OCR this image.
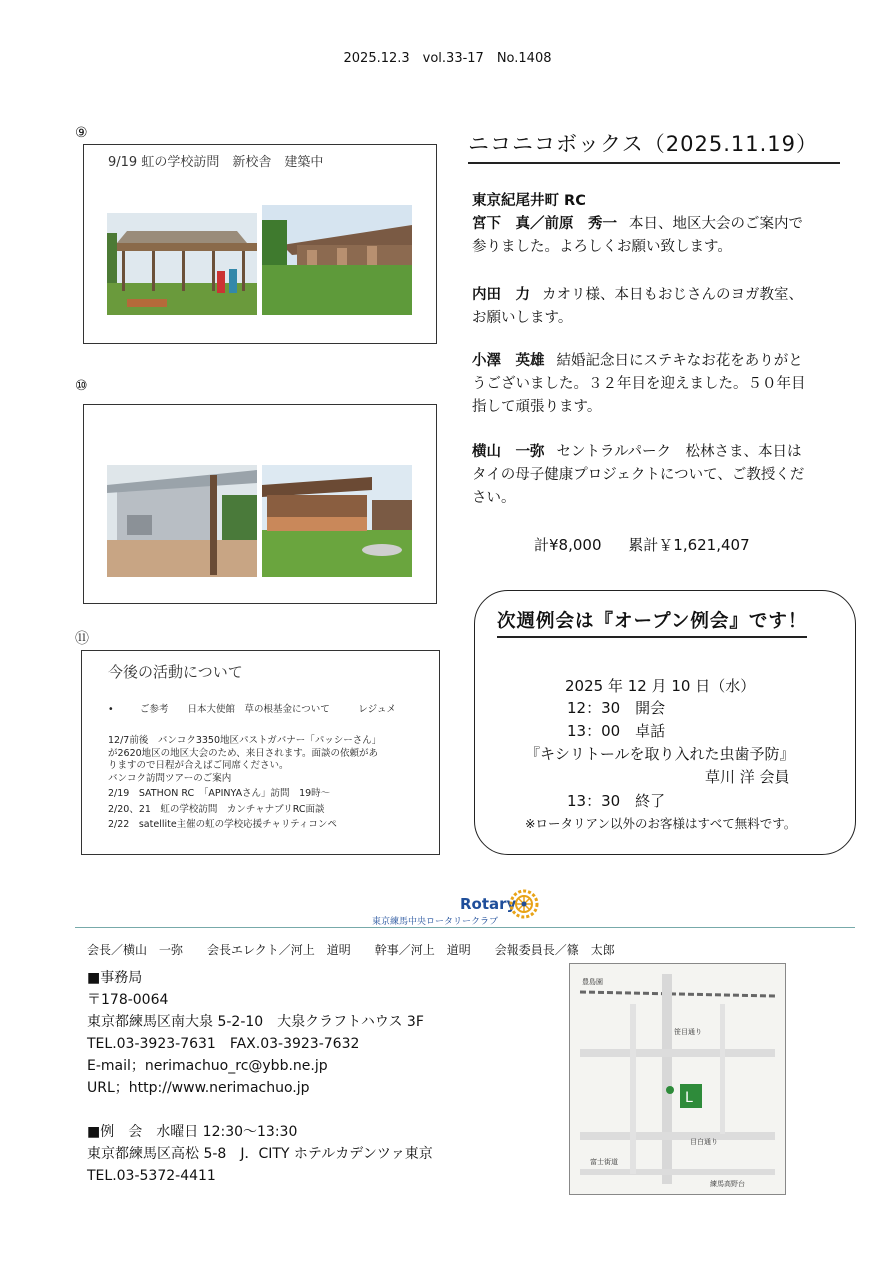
2025.12.3　vol.33-17　No.1408
⑨
9/19 虹の学校訪問　新校舎　建築中
⑩
⑪
今後の活動について
•	ご参考　　日本大使館　草の根基金について　　　レジュメ
12/7前後　バンコク3350地区パストガバナー「パッシーさん」
が2620地区の地区大会のため、来日されます。面談の依頼があ
りますので日程が合えばご同席ください。
バンコク訪問ツアーのご案内
2/19　SATHON RC　「APINYAさん」訪問　19時～
2/20、21　虹の学校訪問　カンチャナブリRC面談
2/22　satellite主催の虹の学校応援チャリティコンペ
ニコニコボックス（2025.11.19）
東京紀尾井町 RC
宮下　真／前原　秀一 本日、地区大会のご案内で
参りました。よろしくお願い致します。
内田　力 カオリ様、本日もおじさんのヨガ教室、
お願いします。
小澤　英雄 結婚記念日にステキなお花をありがと
うございました。３２年目を迎えました。５０年目
指して頑張ります。
横山　一弥 セントラルパーク　松林さま、本日は
タイの母子健康プロジェクトについて、ご教授くだ
さい。
計¥8,000 累計￥1,621,407
次週例会は『オープン例会』です！
2025 年 12 月 10 日（水）
12：30　開会
13：00　卓話
『キシリトールを取り入れた虫歯予防』
草川 洋 会員
13：30　終了
※ロータリアン以外のお客様はすべて無料です。
Rotary
東京練馬中央ロータリークラブ
会長／横山　一弥　　会長エレクト／河上　道明　　幹事／河上　道明　　会報委員長／篠　太郎
■事務局
〒178-0064
東京都練馬区南大泉 5-2-10　大泉クラフトハウス 3F
TEL.03-3923-7631　FAX.03-3923-7632
E-mail；nerimachuo_rc@ybb.ne.jp
URL；http://www.nerimachuo.jp
■例　会　水曜日 12:30～13:30
東京都練馬区高松 5-8　J．CITY ホテルカデンツァ東京
TEL.03-5372-4411
L
豊島園
練馬高野台
目白通り
富士街道
笹目通り
